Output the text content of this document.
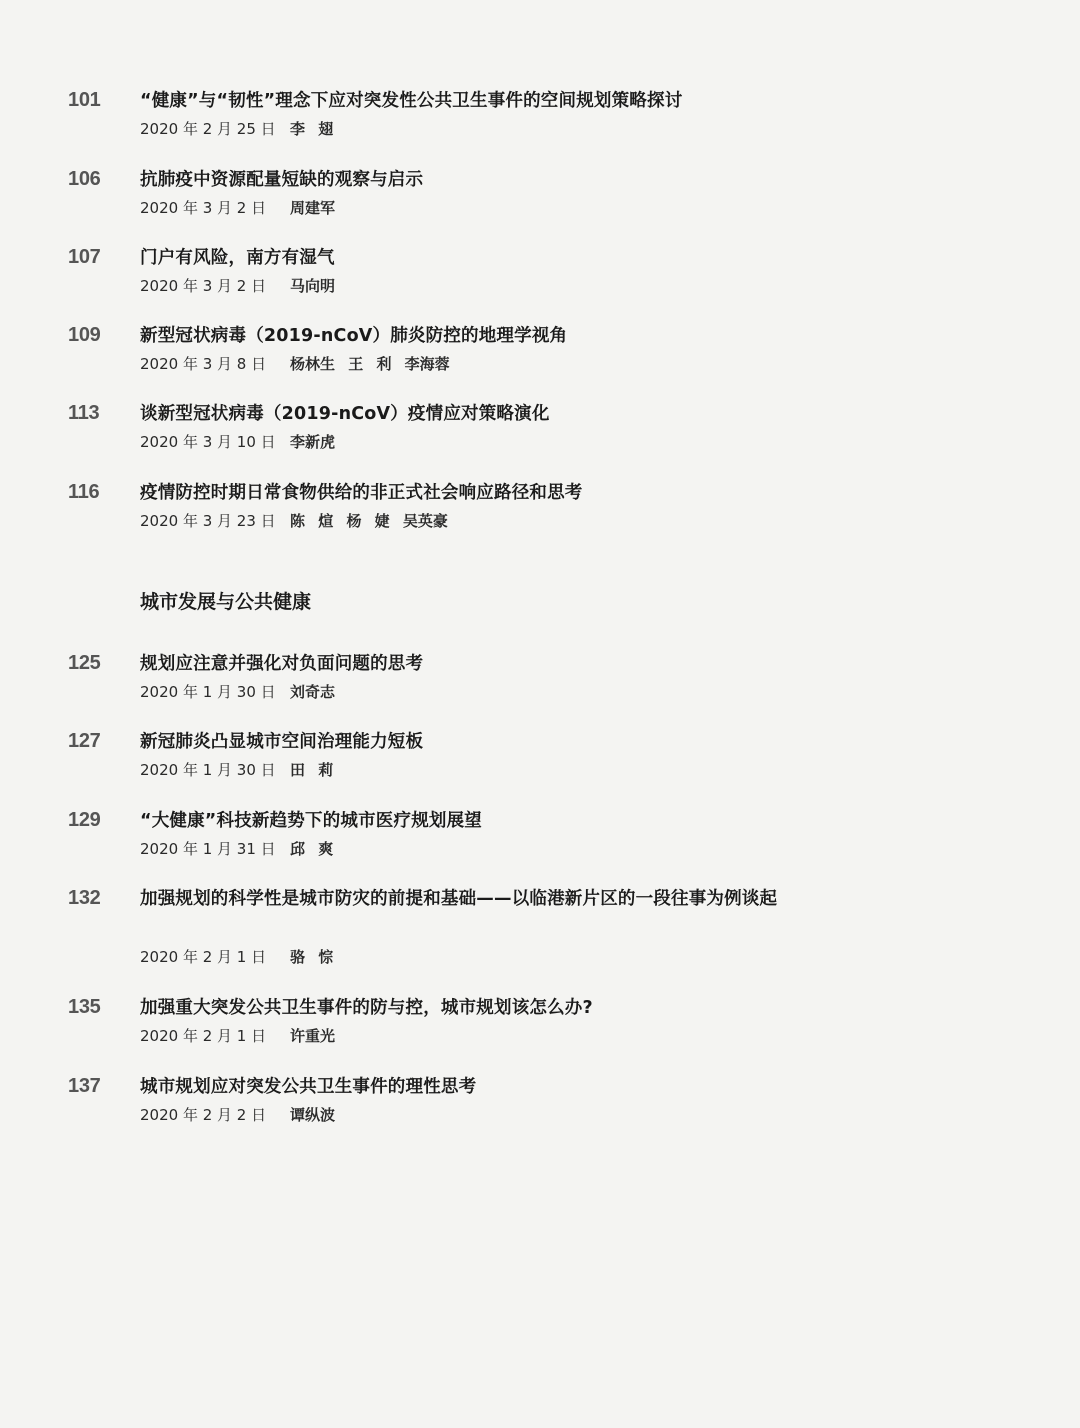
101 “健康”与“韧性”理念下应对突发性公共卫生事件的空间规划策略探讨
2020 年 2 月 25 日 李 翅
106 抗肺疫中资源配量短缺的观察与启示
2020 年 3 月 2 日 周建军
107 门户有风险，南方有湿气
2020 年 3 月 2 日 马向明
109 新型冠状病毒（2019-nCoV）肺炎防控的地理学视角
2020 年 3 月 8 日 杨林生 王 利 李海蓉
113 谈新型冠状病毒（2019-nCoV）疫情应对策略演化
2020 年 3 月 10 日 李新虎
116 疫情防控时期日常食物供给的非正式社会响应路径和思考
2020 年 3 月 23 日 陈 煊 杨 婕 吴英豪
城市发展与公共健康
125 规划应注意并强化对负面问题的思考
2020 年 1 月 30 日 刘奇志
127 新冠肺炎凸显城市空间治理能力短板
2020 年 1 月 30 日 田 莉
129 “大健康”科技新趋势下的城市医疗规划展望
2020 年 1 月 31 日 邱 爽
132 加强规划的科学性是城市防灾的前提和基础——以临港新片区的一段往事为例谈起
2020 年 2 月 1 日 骆 悰
135 加强重大突发公共卫生事件的防与控，城市规划该怎么办?
2020 年 2 月 1 日 许重光
137 城市规划应对突发公共卫生事件的理性思考
2020 年 2 月 2 日 谭纵波
